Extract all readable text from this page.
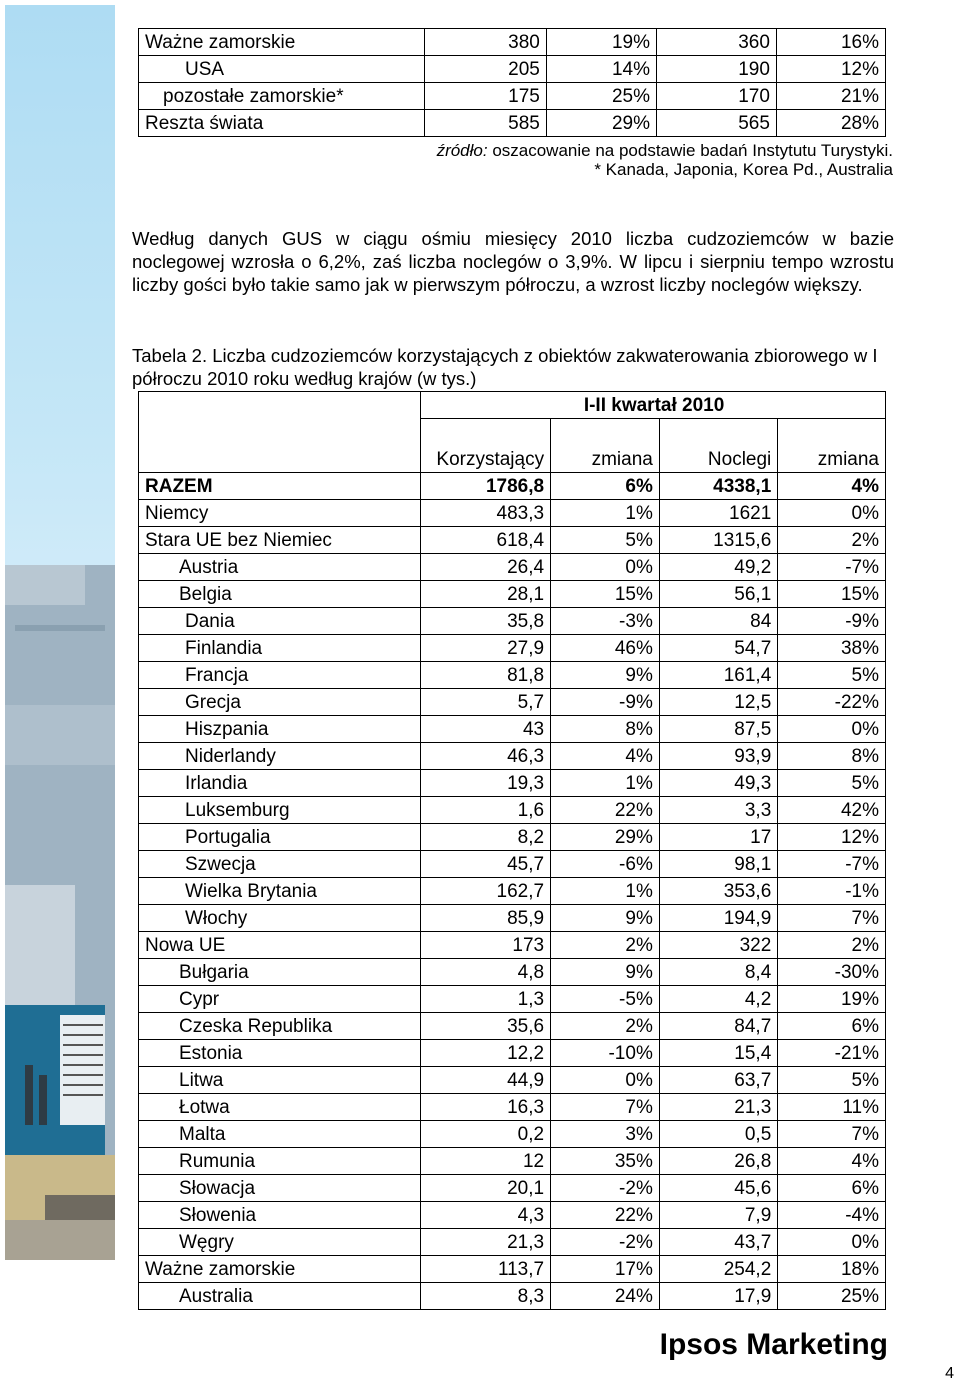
Ważne zamorskie	380	19%	360	16%
USA	205	14%	190	12%
pozostałe zamorskie*	175	25%	170	21%
Reszta świata	585	29%	565	28%
źródło: oszacowanie na podstawie badań Instytutu Turystyki.
* Kanada, Japonia, Korea Pd., Australia

Według danych GUS w ciągu ośmiu miesięcy 2010 liczba cudzoziemców w bazie noclegowej wzrosła o 6,2%, zaś liczba noclegów o 3,9%. W lipcu i sierpniu tempo wzrostu liczby gości było takie samo jak w pierwszym półroczu, a wzrost liczby noclegów większy.

Tabela 2. Liczba cudzoziemców korzystających z obiektów zakwaterowania zbiorowego w I półroczu 2010 roku według krajów (w tys.)
	I-II kwartał 2010			
	Korzystający	zmiana	Noclegi	zmiana
RAZEM	1786,8	6%	4338,1	4%
Niemcy	483,3	1%	1621	0%
Stara UE bez Niemiec	618,4	5%	1315,6	2%
Austria	26,4	0%	49,2	-7%
Belgia	28,1	15%	56,1	15%
Dania	35,8	-3%	84	-9%
Finlandia	27,9	46%	54,7	38%
Francja	81,8	9%	161,4	5%
Grecja	5,7	-9%	12,5	-22%
Hiszpania	43	8%	87,5	0%
Niderlandy	46,3	4%	93,9	8%
Irlandia	19,3	1%	49,3	5%
Luksemburg	1,6	22%	3,3	42%
Portugalia	8,2	29%	17	12%
Szwecja	45,7	-6%	98,1	-7%
Wielka Brytania	162,7	1%	353,6	-1%
Włochy	85,9	9%	194,9	7%
Nowa UE	173	2%	322	2%
Bułgaria	4,8	9%	8,4	-30%
Cypr	1,3	-5%	4,2	19%
Czeska Republika	35,6	2%	84,7	6%
Estonia	12,2	-10%	15,4	-21%
Litwa	44,9	0%	63,7	5%
Łotwa	16,3	7%	21,3	11%
Malta	0,2	3%	0,5	7%
Rumunia	12	35%	26,8	4%
Słowacja	20,1	-2%	45,6	6%
Słowenia	4,3	22%	7,9	-4%
Węgry	21,3	-2%	43,7	0%
Ważne zamorskie	113,7	17%	254,2	18%
Australia	8,3	24%	17,9	25%
Ipsos Marketing
4
